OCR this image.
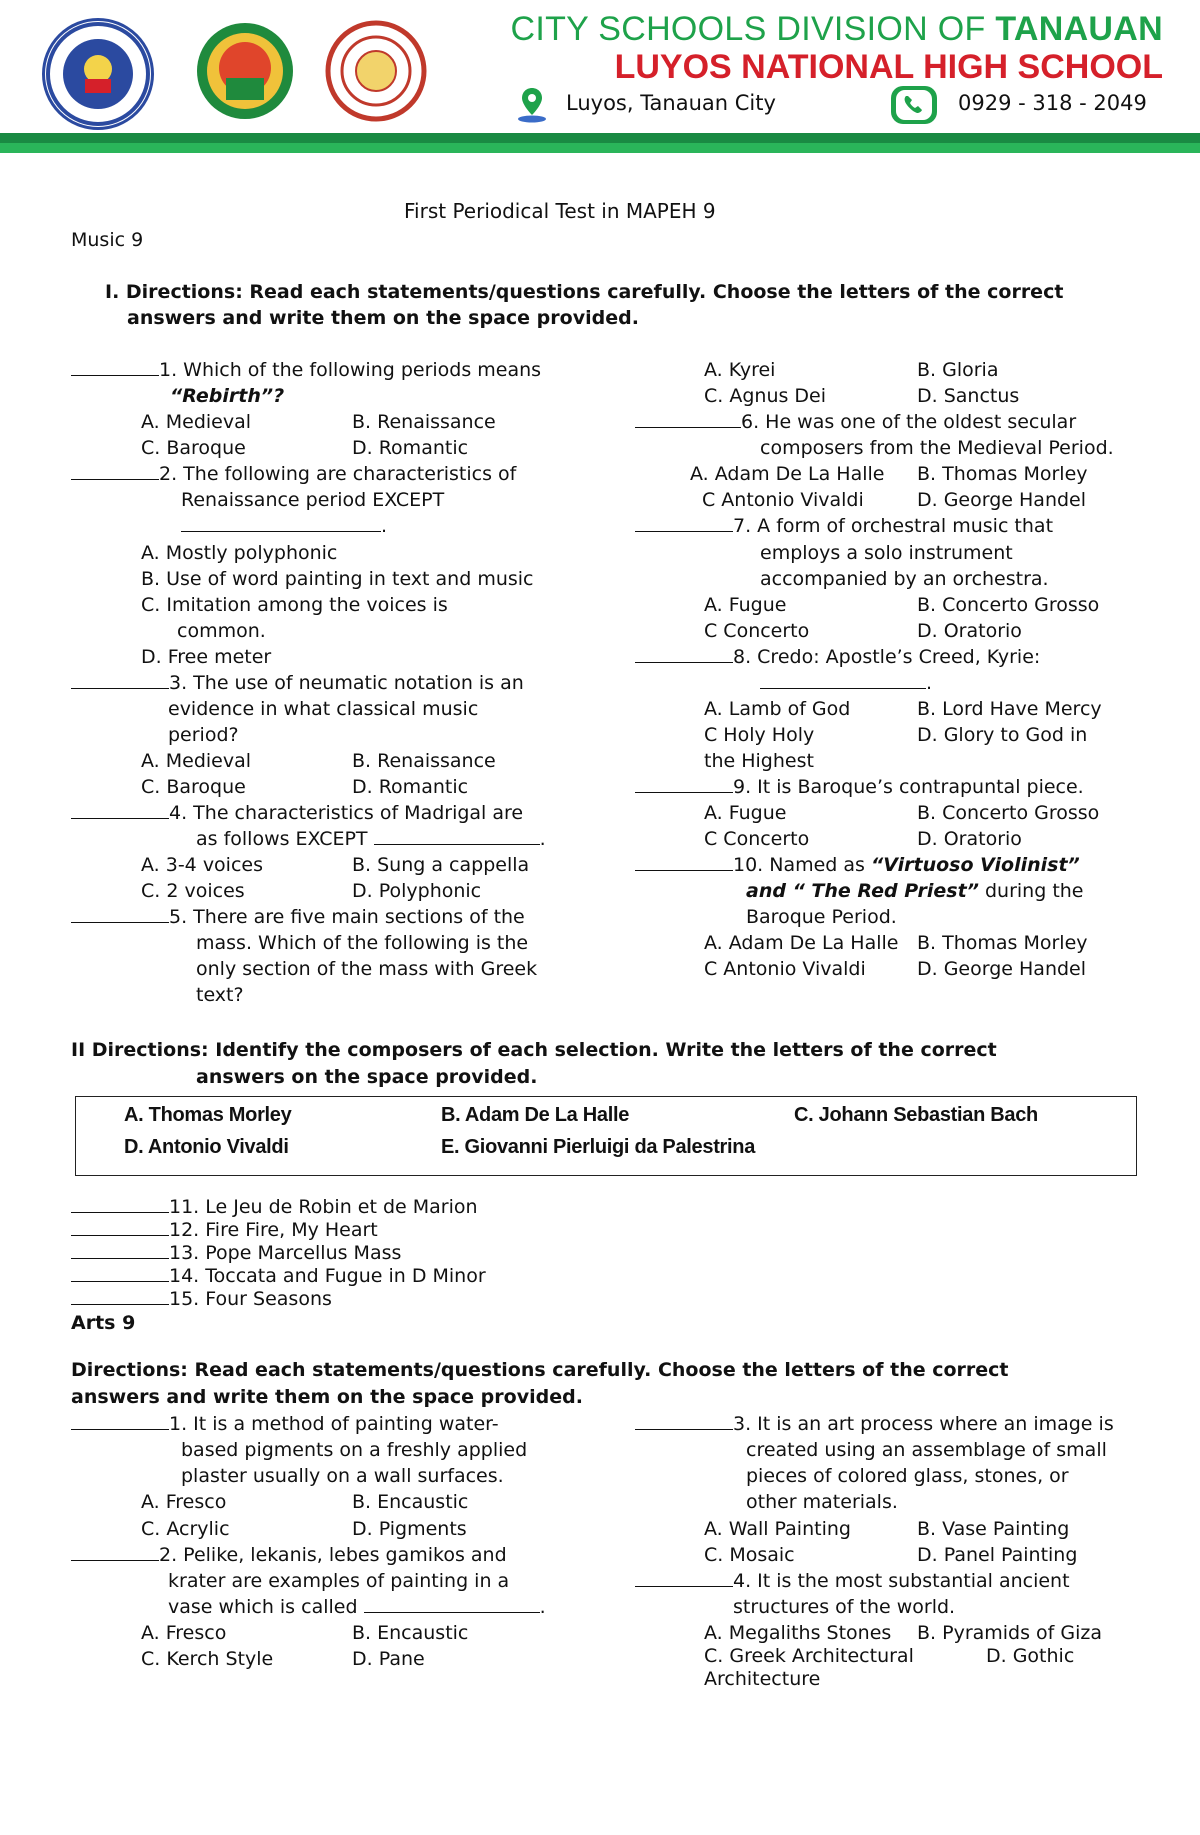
CITY SCHOOLS DIVISION OF TANAUAN
LUYOS NATIONAL HIGH SCHOOL
Luyos, Tanauan City	0929 - 318 - 2049
First Periodical Test in MAPEH 9
Music 9
I. Directions: Read each statements/questions carefully. Choose the letters of the correct
answers and write them on the space provided.
1. Which of the following periods means
“Rebirth”?
A. Medieval	B. Renaissance
C. Baroque	D. Romantic
2. The following are characteristics of
Renaissance period EXCEPT
.
A. Mostly polyphonic
B. Use of word painting in text and music
C. Imitation among the voices is
common.
D. Free meter
3. The use of neumatic notation is an
evidence in what classical music
period?
A. Medieval	B. Renaissance
C. Baroque	D. Romantic
4. The characteristics of Madrigal are
as follows EXCEPT	.
A. 3-4 voices	B. Sung a cappella
C. 2 voices	D. Polyphonic
5. There are five main sections of the
mass. Which of the following is the
only section of the mass with Greek
text?
A. Kyrei	B. Gloria
C. Agnus Dei	D. Sanctus
6. He was one of the oldest secular
composers from the Medieval Period.
A. Adam De La Halle B. Thomas Morley
C Antonio Vivaldi	D. George Handel
7. A form of orchestral music that
employs a solo instrument
accompanied by an orchestra.
A. Fugue	B. Concerto Grosso
C Concerto	D. Oratorio
8. Credo: Apostle’s Creed, Kyrie:
.
A. Lamb of God	B. Lord Have Mercy
C Holy Holy	D. Glory to God in
the Highest
9. It is Baroque’s contrapuntal piece.
A. Fugue	B. Concerto Grosso
C Concerto	D. Oratorio
10. Named as “Virtuoso Violinist”
and “ The Red Priest” during the
Baroque Period.
A. Adam De La Halle B. Thomas Morley
C Antonio Vivaldi	D. George Handel
II Directions: Identify the composers of each selection. Write the letters of the correct
answers on the space provided.
A. Thomas Morley	B. Adam De La Halle	C. Johann Sebastian Bach
D. Antonio Vivaldi	E. Giovanni Pierluigi da Palestrina
11. Le Jeu de Robin et de Marion
12. Fire Fire, My Heart
13. Pope Marcellus Mass
14. Toccata and Fugue in D Minor
15. Four Seasons
Arts 9
Directions: Read each statements/questions carefully. Choose the letters of the correct
answers and write them on the space provided.
1. It is a method of painting water-
based pigments on a freshly applied
plaster usually on a wall surfaces.
A. Fresco	B. Encaustic
C. Acrylic	D. Pigments
2. Pelike, lekanis, lebes gamikos and
krater are examples of painting in a
vase which is called	.
A. Fresco	B. Encaustic
C. Kerch Style	D. Pane
3. It is an art process where an image is
created using an assemblage of small
pieces of colored glass, stones, or
other materials.
A. Wall Painting	B. Vase Painting
C. Mosaic	D. Panel Painting
4. It is the most substantial ancient
structures of the world.
A. Megaliths Stones B. Pyramids of Giza
C. Greek Architectural	D. Gothic
Architecture
